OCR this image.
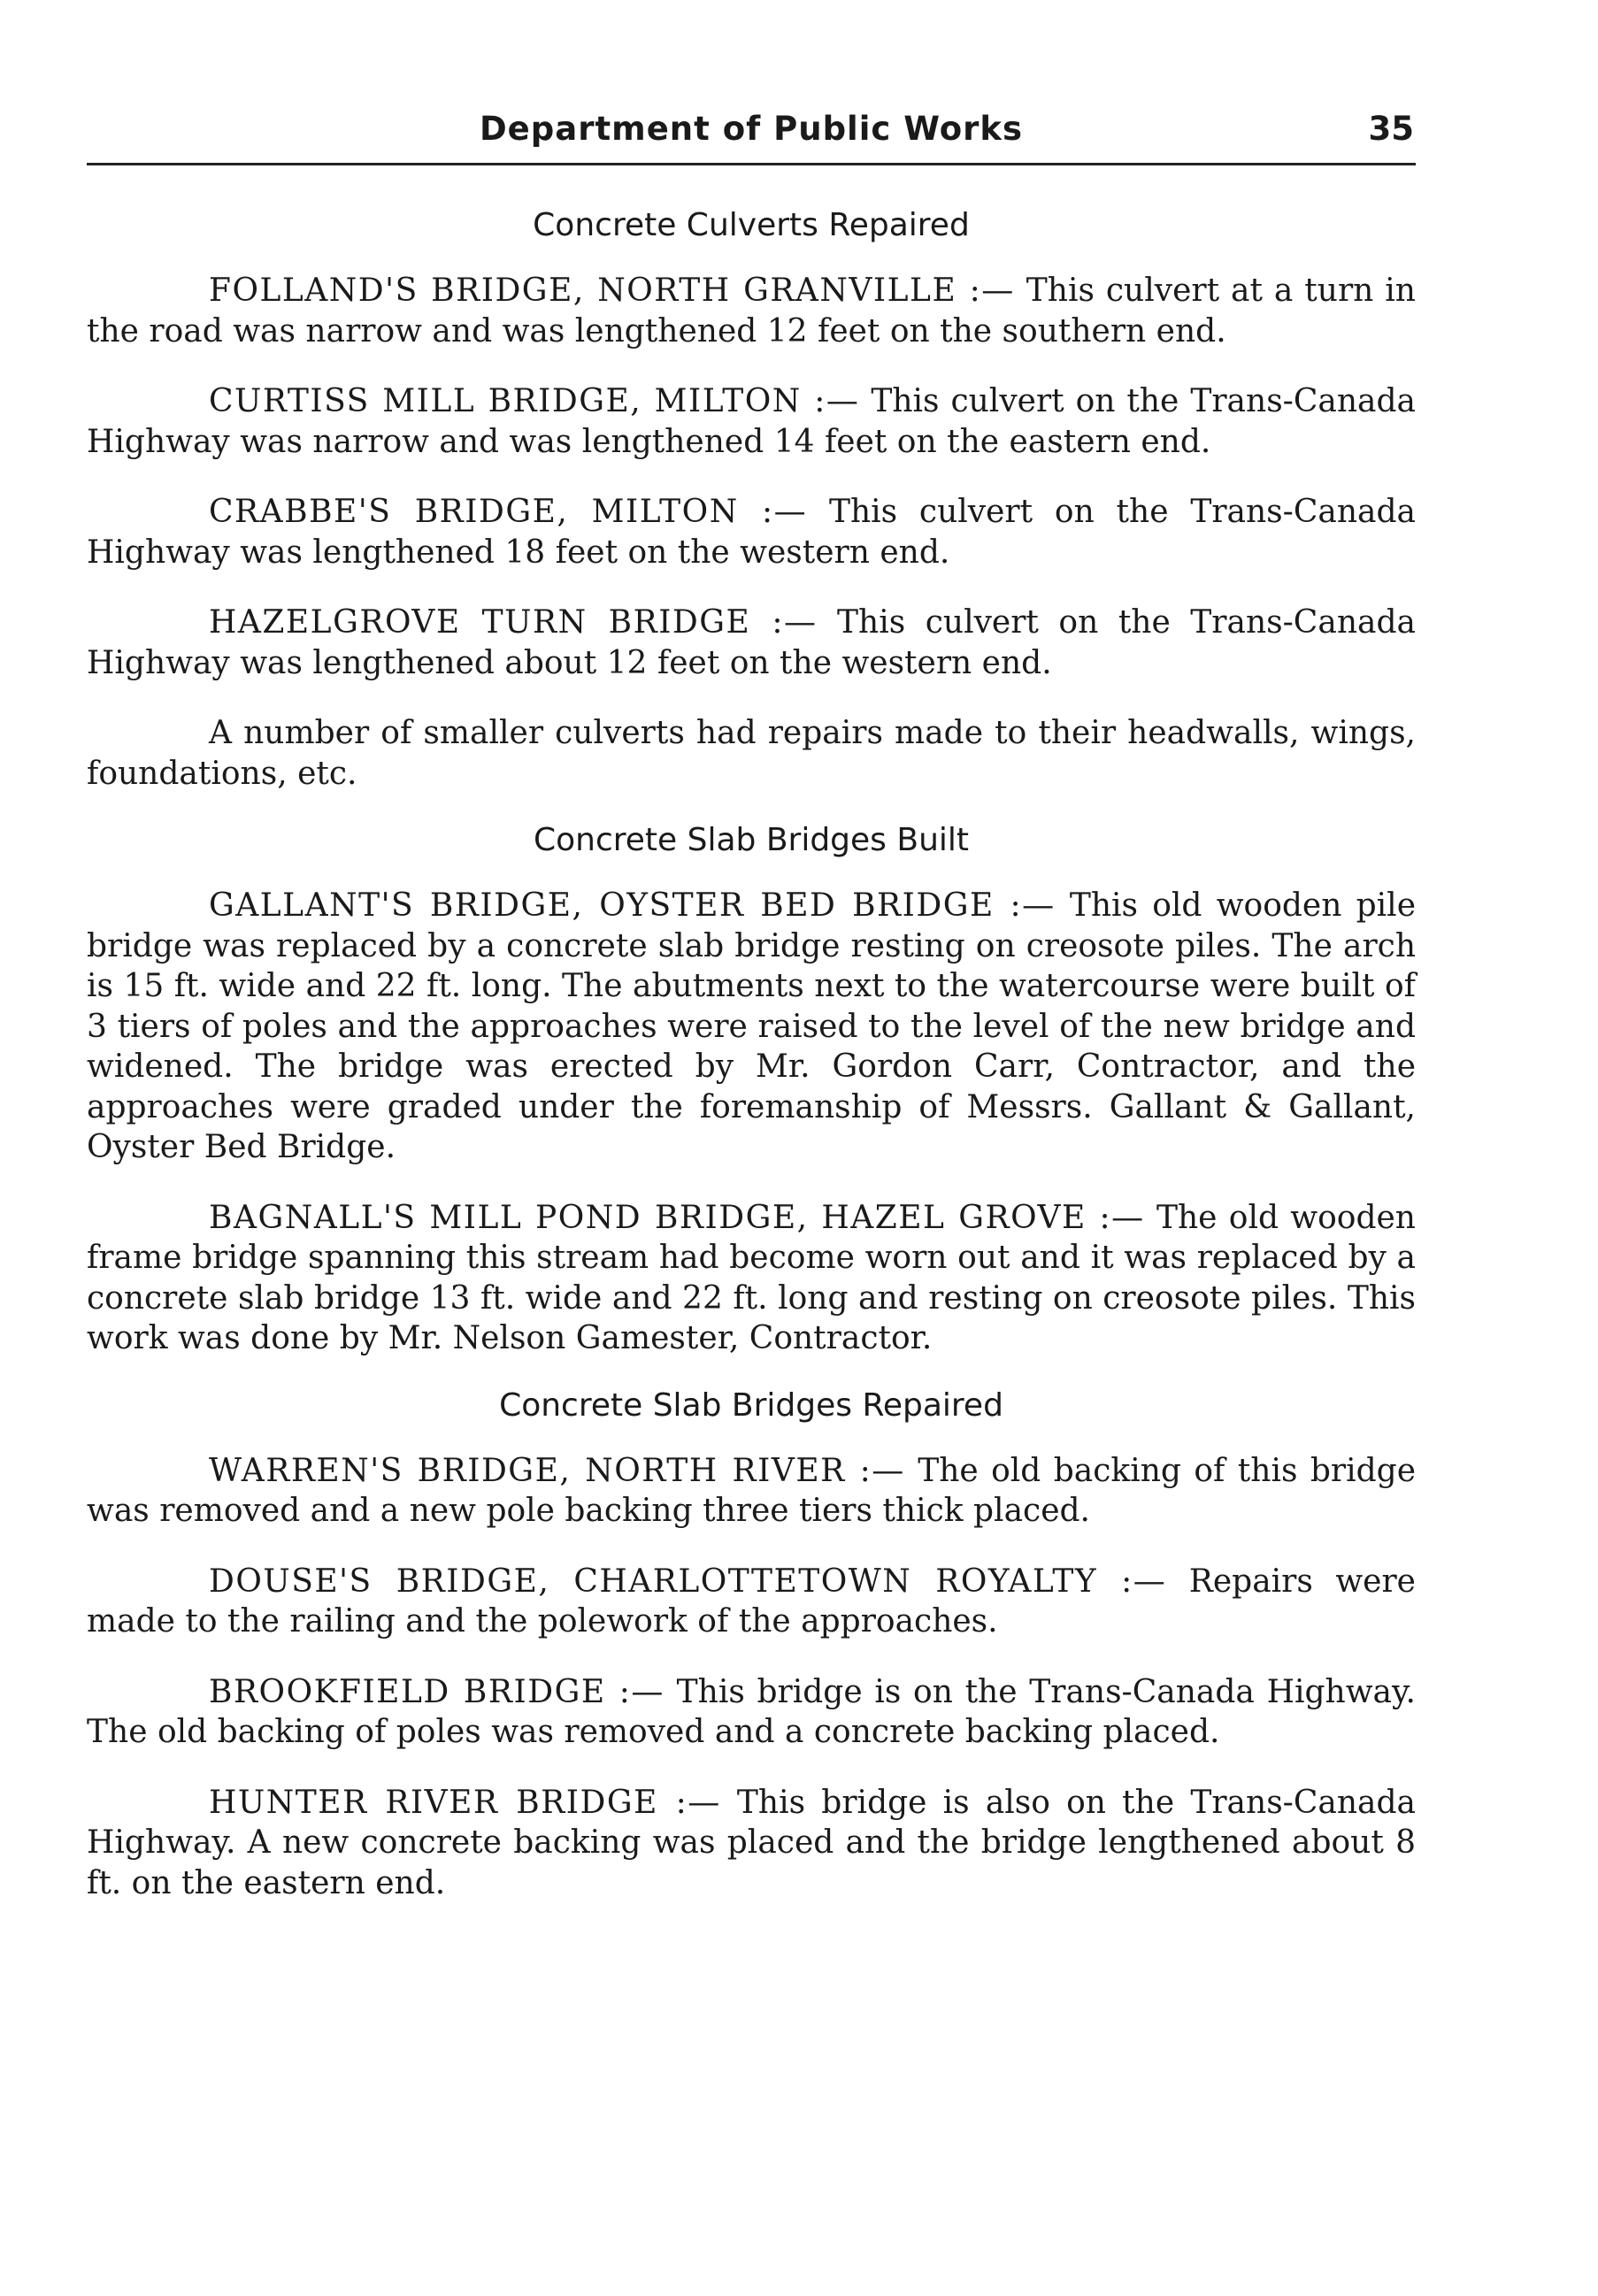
Department of Public Works	35
Concrete Culverts Repaired

FOLLAND'S BRIDGE, NORTH GRANVILLE :— This culvert at a turn in the road was narrow and was lengthened 12 feet on the southern end.

CURTISS MILL BRIDGE, MILTON :— This culvert on the Trans-Canada Highway was narrow and was lengthened 14 feet on the eastern end.

CRABBE'S BRIDGE, MILTON :— This culvert on the Trans-Canada Highway was lengthened 18 feet on the western end.

HAZELGROVE TURN BRIDGE :— This culvert on the Trans-Canada Highway was lengthened about 12 feet on the western end.

A number of smaller culverts had repairs made to their headwalls, wings, foundations, etc.

Concrete Slab Bridges Built

GALLANT'S BRIDGE, OYSTER BED BRIDGE :— This old wooden pile bridge was replaced by a concrete slab bridge resting on creosote piles. The arch is 15 ft. wide and 22 ft. long. The abutments next to the watercourse were built of 3 tiers of poles and the approaches were raised to the level of the new bridge and widened. The bridge was erected by Mr. Gordon Carr, Contractor, and the approaches were graded under the foremanship of Messrs. Gallant & Gallant, Oyster Bed Bridge.

BAGNALL'S MILL POND BRIDGE, HAZEL GROVE :— The old wooden frame bridge spanning this stream had become worn out and it was replaced by a concrete slab bridge 13 ft. wide and 22 ft. long and resting on creosote piles. This work was done by Mr. Nelson Gamester, Contractor.

Concrete Slab Bridges Repaired

WARREN'S BRIDGE, NORTH RIVER :— The old backing of this bridge was removed and a new pole backing three tiers thick placed.

DOUSE'S BRIDGE, CHARLOTTETOWN ROYALTY :— Repairs were made to the railing and the polework of the approaches.

BROOKFIELD BRIDGE :— This bridge is on the Trans-Canada Highway. The old backing of poles was removed and a concrete backing placed.

HUNTER RIVER BRIDGE :— This bridge is also on the Trans-Canada Highway. A new concrete backing was placed and the bridge lengthened about 8 ft. on the eastern end.
